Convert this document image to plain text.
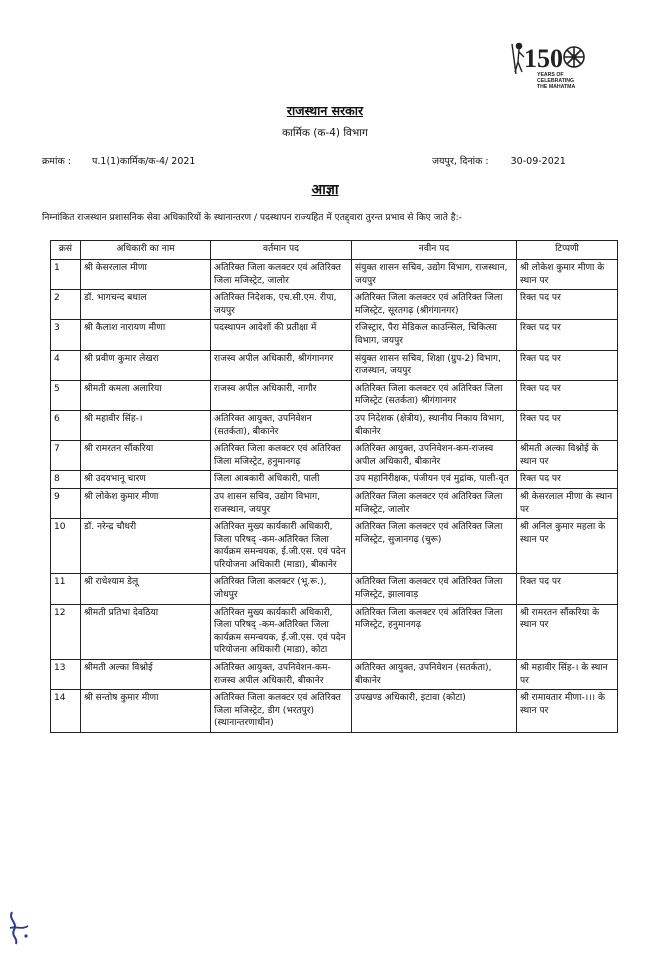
150
YEARS OF
CELEBRATING
THE MAHATMA
राजस्थान सरकार
कार्मिक (क-4) विभाग
क्रमांक : प.1(1)कार्मिक/क-4/ 2021	जयपुर, दिनांक : 30-09-2021
आज्ञा
निम्नांकित राजस्थान प्रशासनिक सेवा अधिकारियों के स्थानान्तरण / पदस्थापन राज्यहित में एतद्द्वारा तुरन्त प्रभाव से किए जाते है:-
क्रसं	अधिकारी का नाम	वर्तमान पद	नवीन पद	टिप्पणी
1	श्री केसरलाल मीणा	अतिरिक्त जिला कलक्टर एवं अतिरिक्त जिला मजिस्ट्रेट, जालोर	संयुक्त शासन सचिव, उद्योग विभाग, राजस्थान, जयपुर	श्री लोकेश कुमार मीणा के स्थान पर
2	डॉ. भागचन्द बधाल	अतिरिक्त निदेशक, एच.सी.एम. रीपा, जयपुर	अतिरिक्त जिला कलक्टर एवं अतिरिक्त जिला मजिस्ट्रेट, सूरतगढ़ (श्रीगंगानगर)	रिक्त पद पर
3	श्री कैलाश नारायण मीणा	पदस्थापन आदेशों की प्रतीक्षा में	रजिस्ट्रार, पैरा मेडिकल काउन्सिल, चिकित्सा विभाग, जयपुर	रिक्त पद पर
4	श्री प्रवीण कुमार लेखरा	राजस्व अपील अधिकारी, श्रीगंगानगर	संयुक्त शासन सचिव, शिक्षा (ग्रुप-2) विभाग, राजस्थान, जयपुर	रिक्त पद पर
5	श्रीमती कमला अलारिया	राजस्व अपील अधिकारी, नागौर	अतिरिक्त जिला कलक्टर एवं अतिरिक्त जिला मजिस्ट्रेट (सतर्कता) श्रीगंगानगर	रिक्त पद पर
6	श्री महावीर सिंह-।	अतिरिक्त आयुक्त, उपनिवेशन (सतर्कता), बीकानेर	उप निदेशक (क्षेत्रीय), स्थानीय निकाय विभाग, बीकानेर	रिक्त पद पर
7	श्री रामरतन सौंकरिया	अतिरिक्त जिला कलक्टर एवं अतिरिक्त जिला मजिस्ट्रेट, हनुमानगढ़	अतिरिक्त आयुक्त, उपनिवेशन-कम-राजस्व अपील अधिकारी, बीकानेर	श्रीमती अल्का विश्नोई के स्थान पर
8	श्री उदयभानू चारण	जिला आबकारी अधिकारी, पाली	उप महानिरीक्षक, पंजीयन एवं मुद्रांक, पाली-वृत	रिक्त पद पर
9	श्री लोकेश कुमार मीणा	उप शासन सचिव, उद्योग विभाग, राजस्थान, जयपुर	अतिरिक्त जिला कलक्टर एवं अतिरिक्त जिला मजिस्ट्रेट, जालोर	श्री केसरलाल मीणा के स्थान पर
10	डॉ. नरेन्द्र चौधरी	अतिरिक्त मुख्य कार्यकारी अधिकारी, जिला परिषद् -कम-अतिरिक्त जिला कार्यक्रम समन्वयक, ई.जी.एस. एवं पदेन परियोजना अधिकारी (माडा), बीकानेर	अतिरिक्त जिला कलक्टर एवं अतिरिक्त जिला मजिस्ट्रेट, सुजानगढ़ (चुरू)	श्री अनिल कुमार महला के स्थान पर
11	श्री राधेश्याम डेलू	अतिरिक्त जिला कलक्टर (भू.रू.), जोधपुर	अतिरिक्त जिला कलक्टर एवं अतिरिक्त जिला मजिस्ट्रेट, झालावाड़	रिक्त पद पर
12	श्रीमती प्रतिभा देवठिया	अतिरिक्त मुख्य कार्यकारी अधिकारी, जिला परिषद् -कम-अतिरिक्त जिला कार्यक्रम समन्वयक, ई.जी.एस. एवं पदेन परियोजना अधिकारी (माडा), कोटा	अतिरिक्त जिला कलक्टर एवं अतिरिक्त जिला मजिस्ट्रेट, हनुमानगढ़	श्री रामरतन सौंकरिया के स्थान पर
13	श्रीमती अल्का विश्नोई	अतिरिक्त आयुक्त, उपनिवेशन-कम-राजस्व अपील अधिकारी, बीकानेर	अतिरिक्त आयुक्त, उपनिवेशन (सतर्कता), बीकानेर	श्री महावीर सिंह-। के स्थान पर
14	श्री सन्तोष कुमार मीणा	अतिरिक्त जिला कलक्टर एवं अतिरिक्त जिला मजिस्ट्रेट, डीग (भरतपुर) (स्थानान्तरणाधीन)	उपखण्ड अधिकारी, इटावा (कोटा)	श्री रामावतार मीणा-।।। के स्थान पर
